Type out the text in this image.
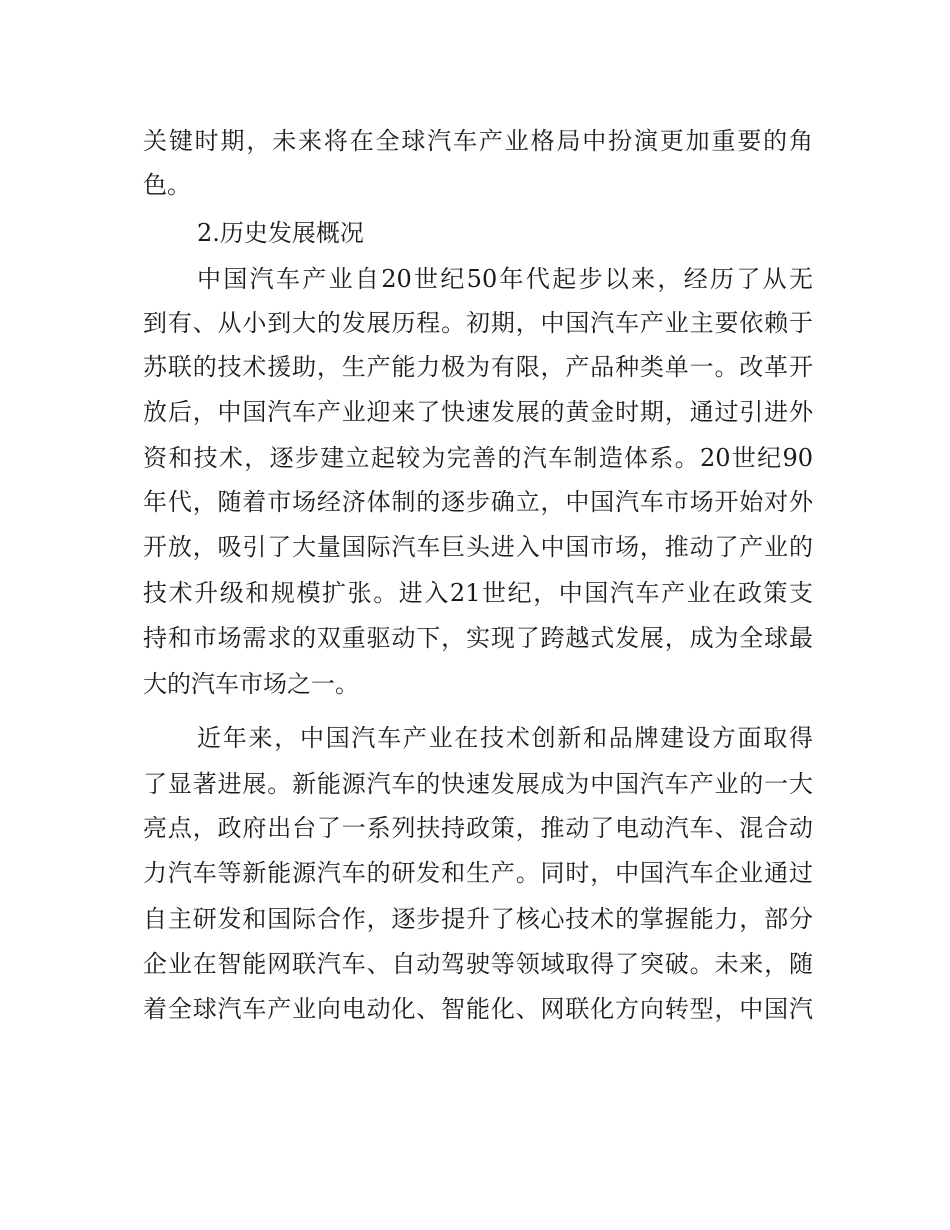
关键时期，未来将在全球汽车产业格局中扮演更加重要的角
色。
2.历史发展概况
中国汽车产业自20世纪50年代起步以来，经历了从无
到有、从小到大的发展历程。初期，中国汽车产业主要依赖于
苏联的技术援助，生产能力极为有限，产品种类单一。改革开
放后，中国汽车产业迎来了快速发展的黄金时期，通过引进外
资和技术，逐步建立起较为完善的汽车制造体系。20世纪90
年代，随着市场经济体制的逐步确立，中国汽车市场开始对外
开放，吸引了大量国际汽车巨头进入中国市场，推动了产业的
技术升级和规模扩张。进入21世纪，中国汽车产业在政策支
持和市场需求的双重驱动下，实现了跨越式发展，成为全球最
大的汽车市场之一。
近年来，中国汽车产业在技术创新和品牌建设方面取得
了显著进展。新能源汽车的快速发展成为中国汽车产业的一大
亮点，政府出台了一系列扶持政策，推动了电动汽车、混合动
力汽车等新能源汽车的研发和生产。同时，中国汽车企业通过
自主研发和国际合作，逐步提升了核心技术的掌握能力，部分
企业在智能网联汽车、自动驾驶等领域取得了突破。未来，随
着全球汽车产业向电动化、智能化、网联化方向转型，中国汽
